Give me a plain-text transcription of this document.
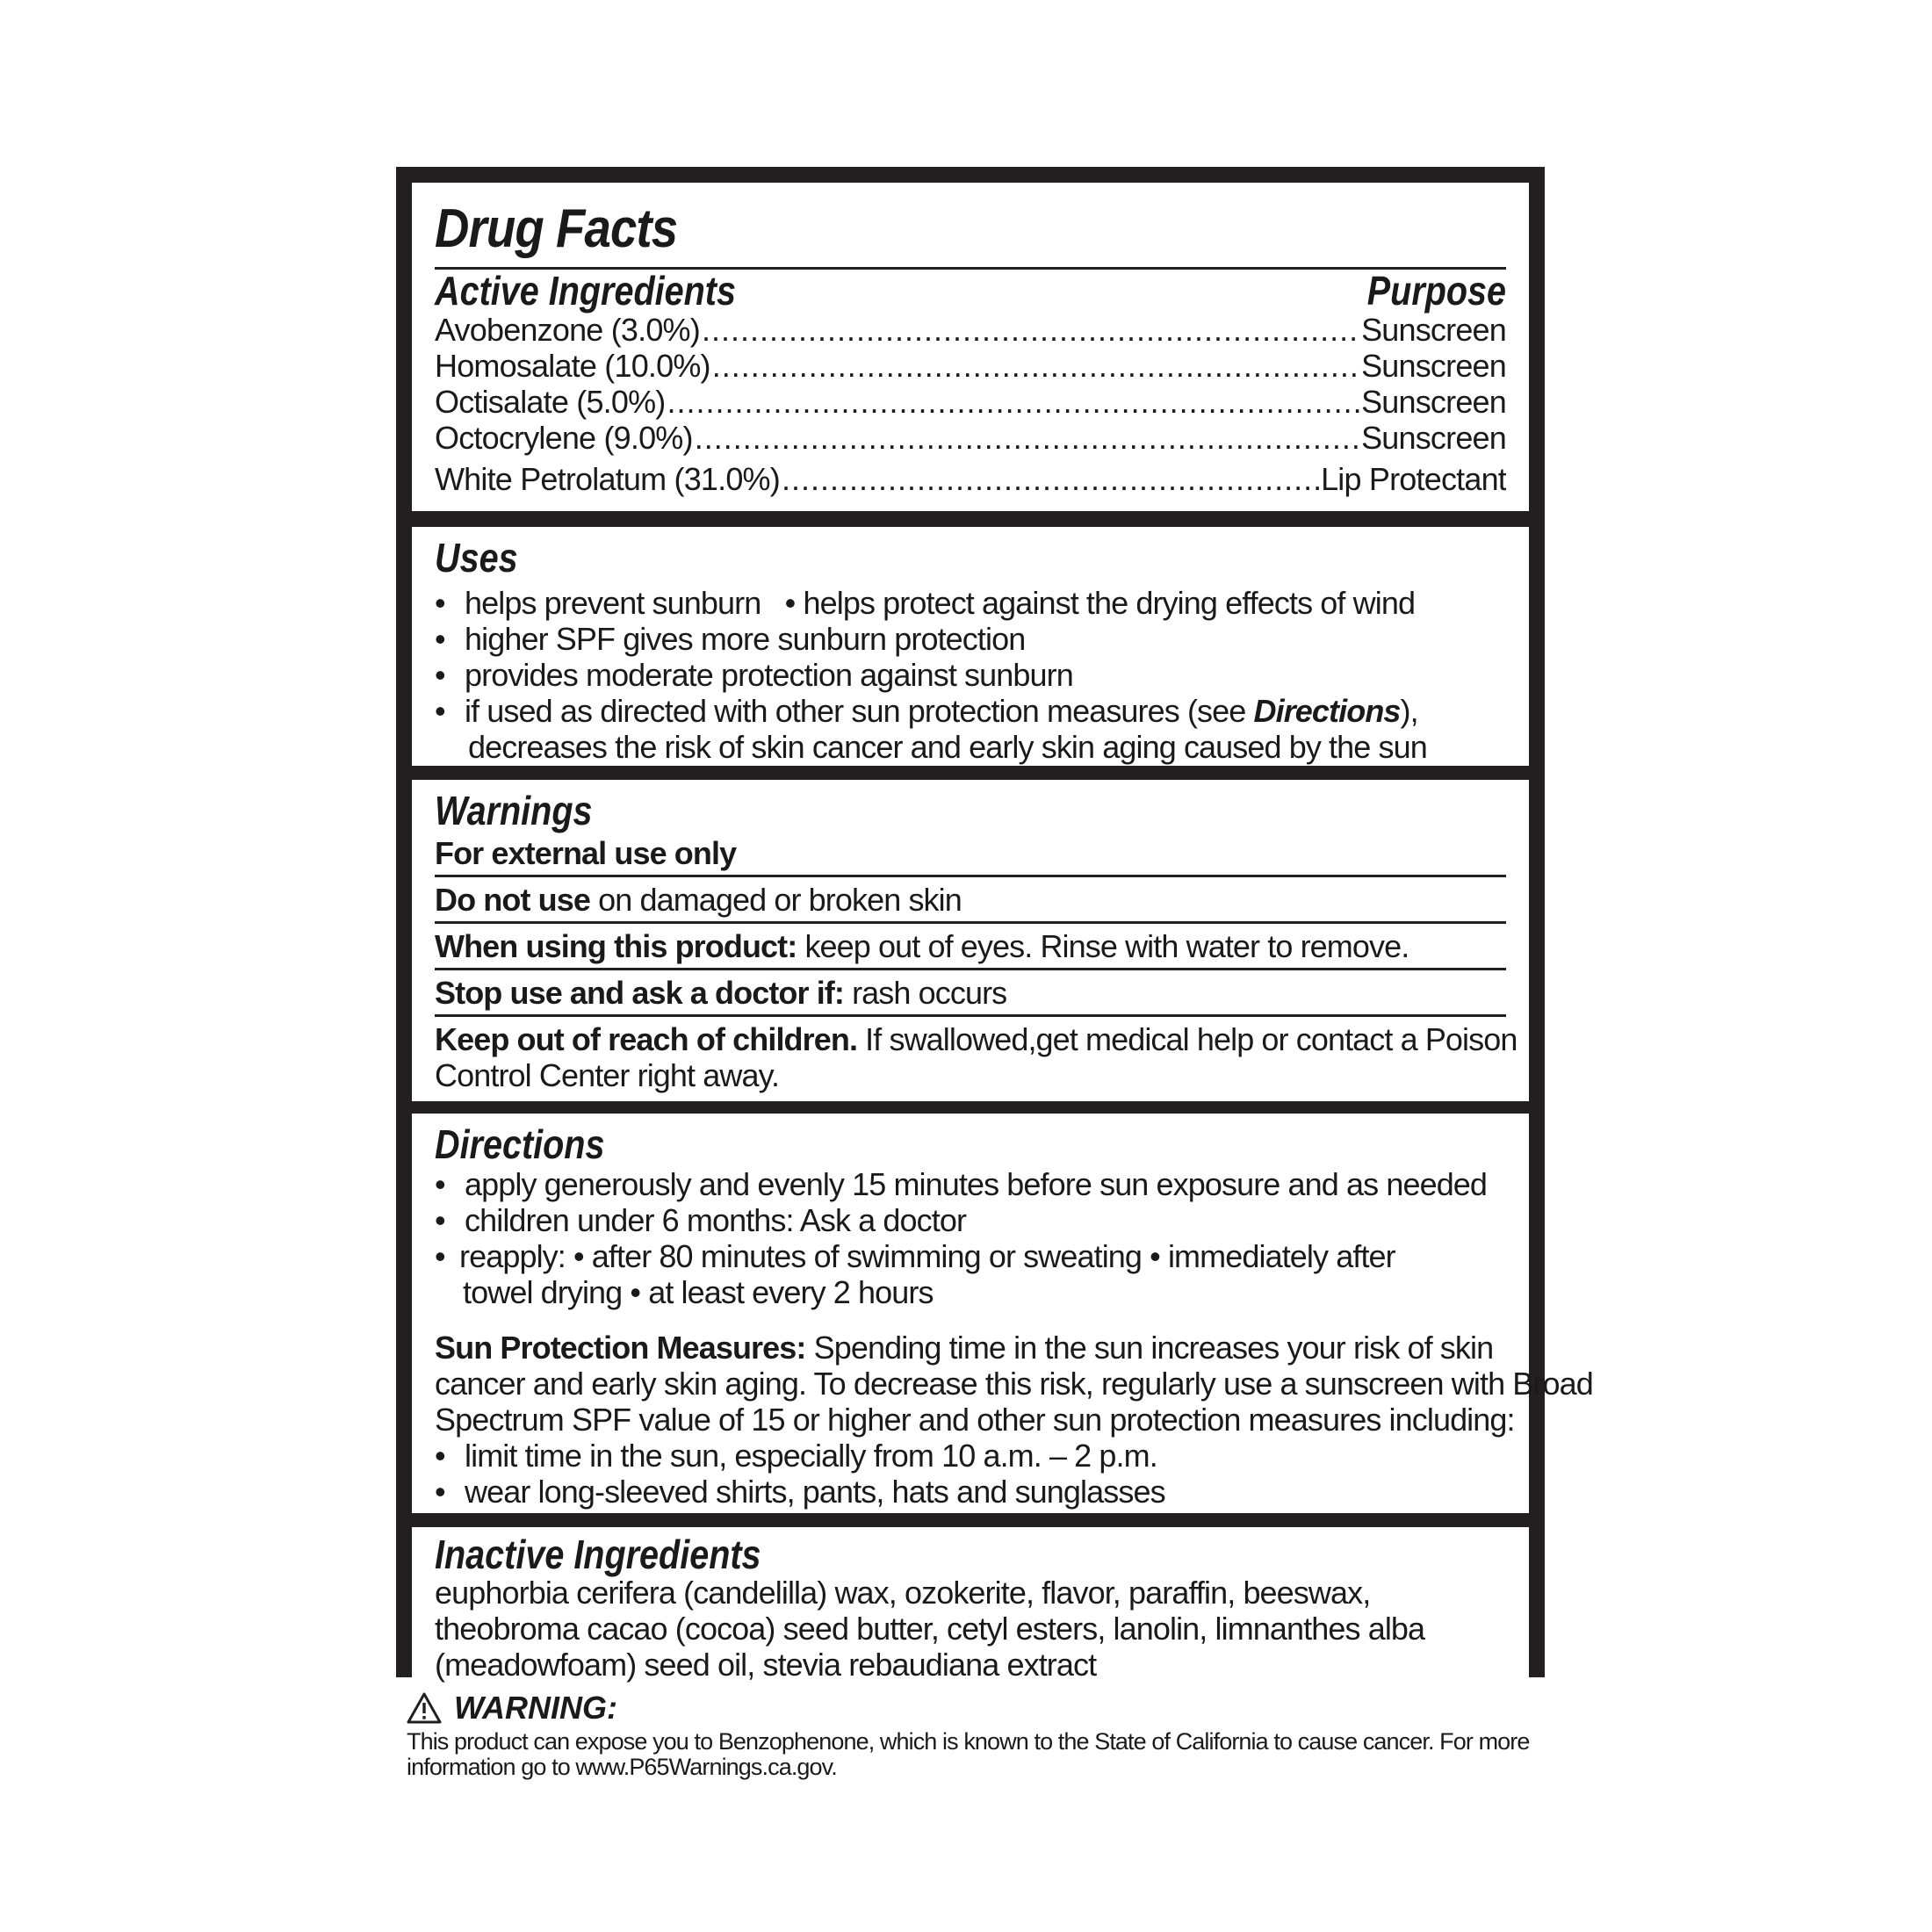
Drug Facts
Active Ingredients	Purpose
Avobenzone (3.0%) .....	Sunscreen
Homosalate (10.0%) .....	Sunscreen
Octisalate (5.0%) .....	Sunscreen
Octocrylene (9.0%) .....	Sunscreen
White Petrolatum (31.0%) .....	Lip Protectant
Uses
• helps prevent sunburn • helps protect against the drying effects of wind
• higher SPF gives more sunburn protection
• provides moderate protection against sunburn
• if used as directed with other sun protection measures (see Directions),
decreases the risk of skin cancer and early skin aging caused by the sun
Warnings
For external use only
Do not use on damaged or broken skin
When using this product: keep out of eyes. Rinse with water to remove.
Stop use and ask a doctor if: rash occurs
Keep out of reach of children. If swallowed,get medical help or contact a Poison
Control Center right away.
Directions
• apply generously and evenly 15 minutes before sun exposure and as needed
• children under 6 months: Ask a doctor
• reapply: • after 80 minutes of swimming or sweating • immediately after
towel drying • at least every 2 hours
Sun Protection Measures: Spending time in the sun increases your risk of skin
cancer and early skin aging. To decrease this risk, regularly use a sunscreen with Broad
Spectrum SPF value of 15 or higher and other sun protection measures including:
• limit time in the sun, especially from 10 a.m. – 2 p.m.
• wear long-sleeved shirts, pants, hats and sunglasses
Inactive Ingredients
euphorbia cerifera (candelilla) wax, ozokerite, flavor, paraffin, beeswax,
theobroma cacao (cocoa) seed butter, cetyl esters, lanolin, limnanthes alba
(meadowfoam) seed oil, stevia rebaudiana extract
WARNING:
This product can expose you to Benzophenone, which is known to the State of California to cause cancer. For more
information go to www.P65Warnings.ca.gov.
